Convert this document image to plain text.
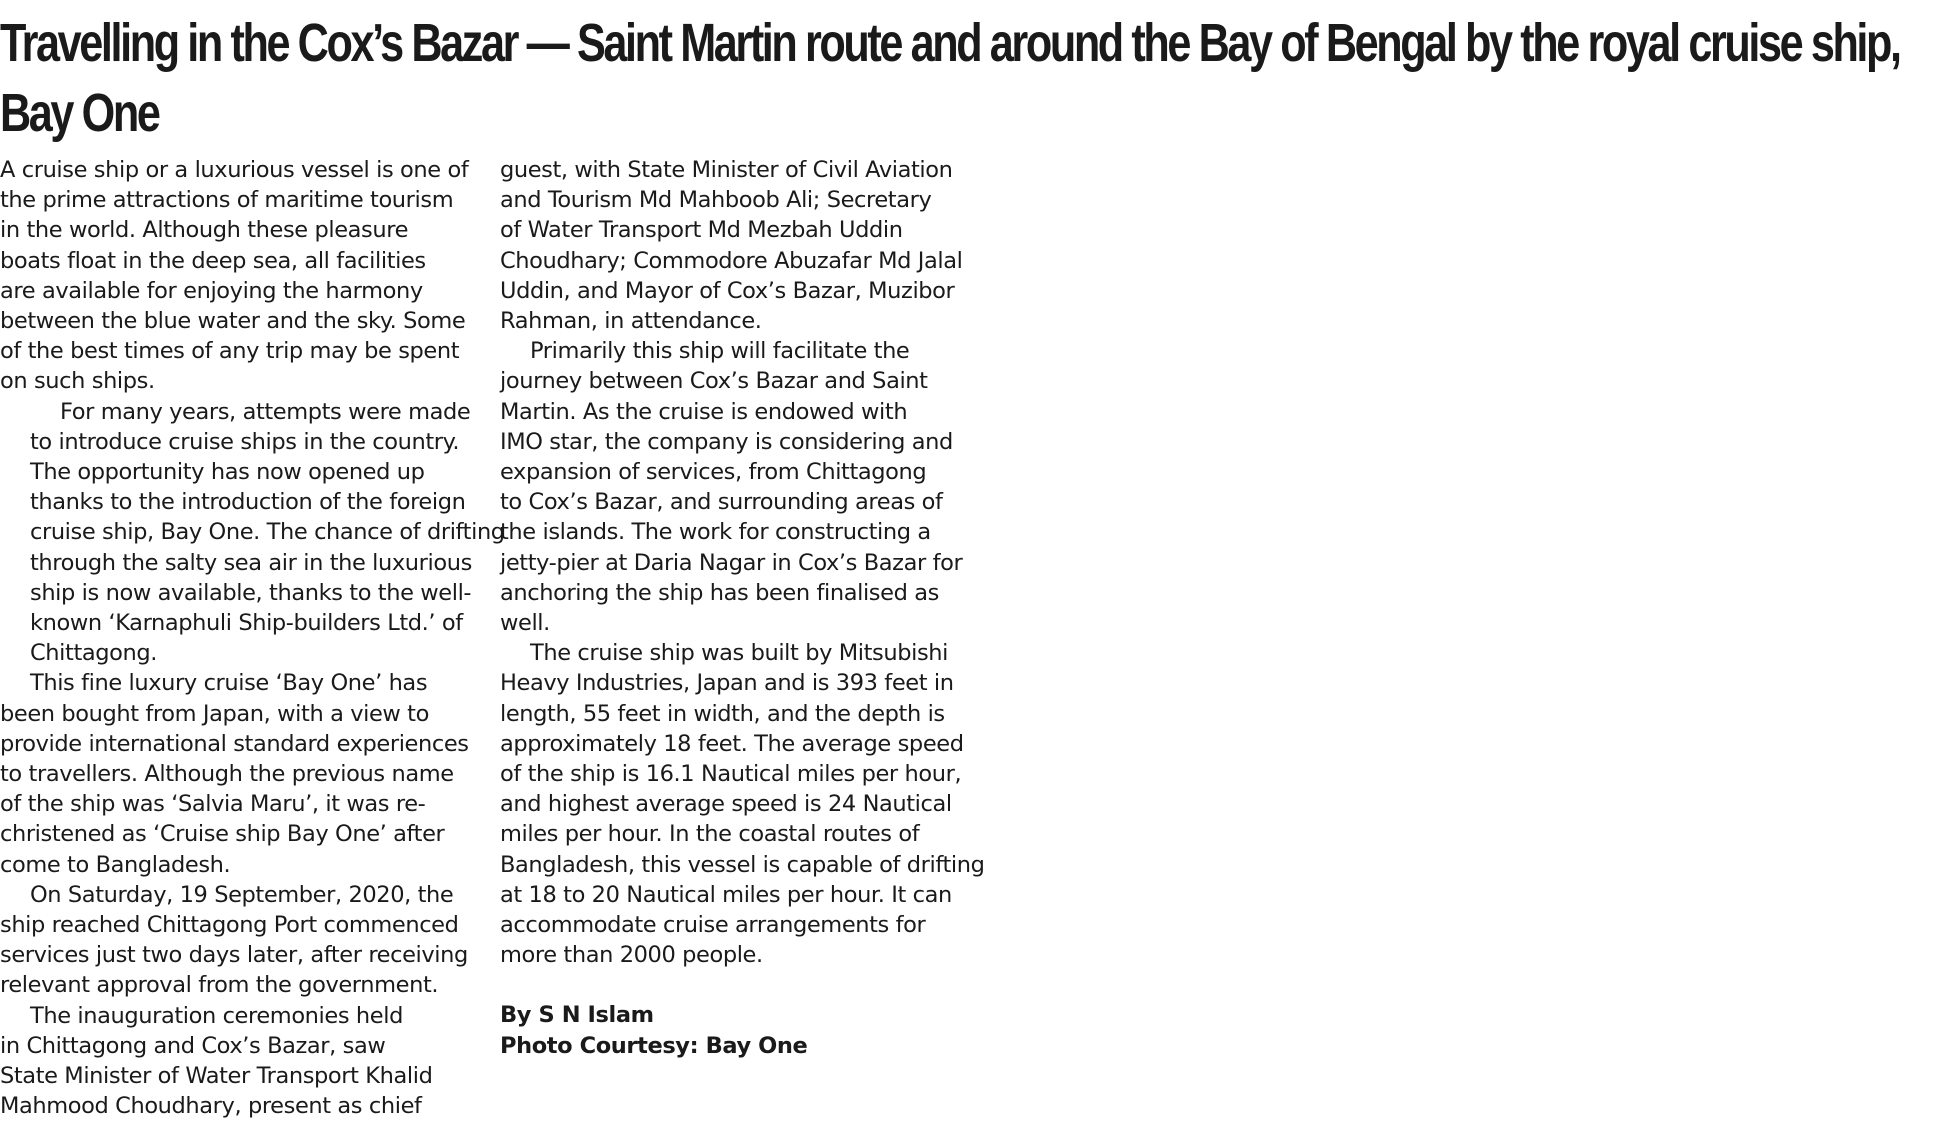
Travelling in the Cox’s Bazar — Saint Martin route and around the Bay of Bengal by the royal cruise ship, Bay One

A cruise ship or a luxurious vessel is one of
the prime attractions of maritime tourism
in the world. Although these pleasure
boats float in the deep sea, all facilities
are available for enjoying the harmony
between the blue water and the sky. Some
of the best times of any trip may be spent
on such ships.

For many years, attempts were made
to introduce cruise ships in the country.
The opportunity has now opened up
thanks to the introduction of the foreign
cruise ship, Bay One. The chance of drifting
through the salty sea air in the luxurious
ship is now available, thanks to the well-
known ‘Karnaphuli Ship-builders Ltd.’ of
Chittagong.

This fine luxury cruise ‘Bay One’ has
been bought from Japan, with a view to
provide international standard experiences
to travellers. Although the previous name
of the ship was ‘Salvia Maru’, it was re-
christened as ‘Cruise ship Bay One’ after
come to Bangladesh.

On Saturday, 19 September, 2020, the
ship reached Chittagong Port commenced
services just two days later, after receiving
relevant approval from the government.

The inauguration ceremonies held
in Chittagong and Cox’s Bazar, saw
State Minister of Water Transport Khalid
Mahmood Choudhary, present as chief

guest, with State Minister of Civil Aviation
and Tourism Md Mahboob Ali; Secretary
of Water Transport Md Mezbah Uddin
Choudhary; Commodore Abuzafar Md Jalal
Uddin, and Mayor of Cox’s Bazar, Muzibor
Rahman, in attendance.

Primarily this ship will facilitate the
journey between Cox’s Bazar and Saint
Martin. As the cruise is endowed with
IMO star, the company is considering and
expansion of services, from Chittagong
to Cox’s Bazar, and surrounding areas of
the islands. The work for constructing a
jetty-pier at Daria Nagar in Cox’s Bazar for
anchoring the ship has been finalised as
well.

The cruise ship was built by Mitsubishi
Heavy Industries, Japan and is 393 feet in
length, 55 feet in width, and the depth is
approximately 18 feet. The average speed
of the ship is 16.1 Nautical miles per hour,
and highest average speed is 24 Nautical
miles per hour. In the coastal routes of
Bangladesh, this vessel is capable of drifting
at 18 to 20 Nautical miles per hour. It can
accommodate cruise arrangements for
more than 2000 people.

By S N Islam
Photo Courtesy: Bay One
